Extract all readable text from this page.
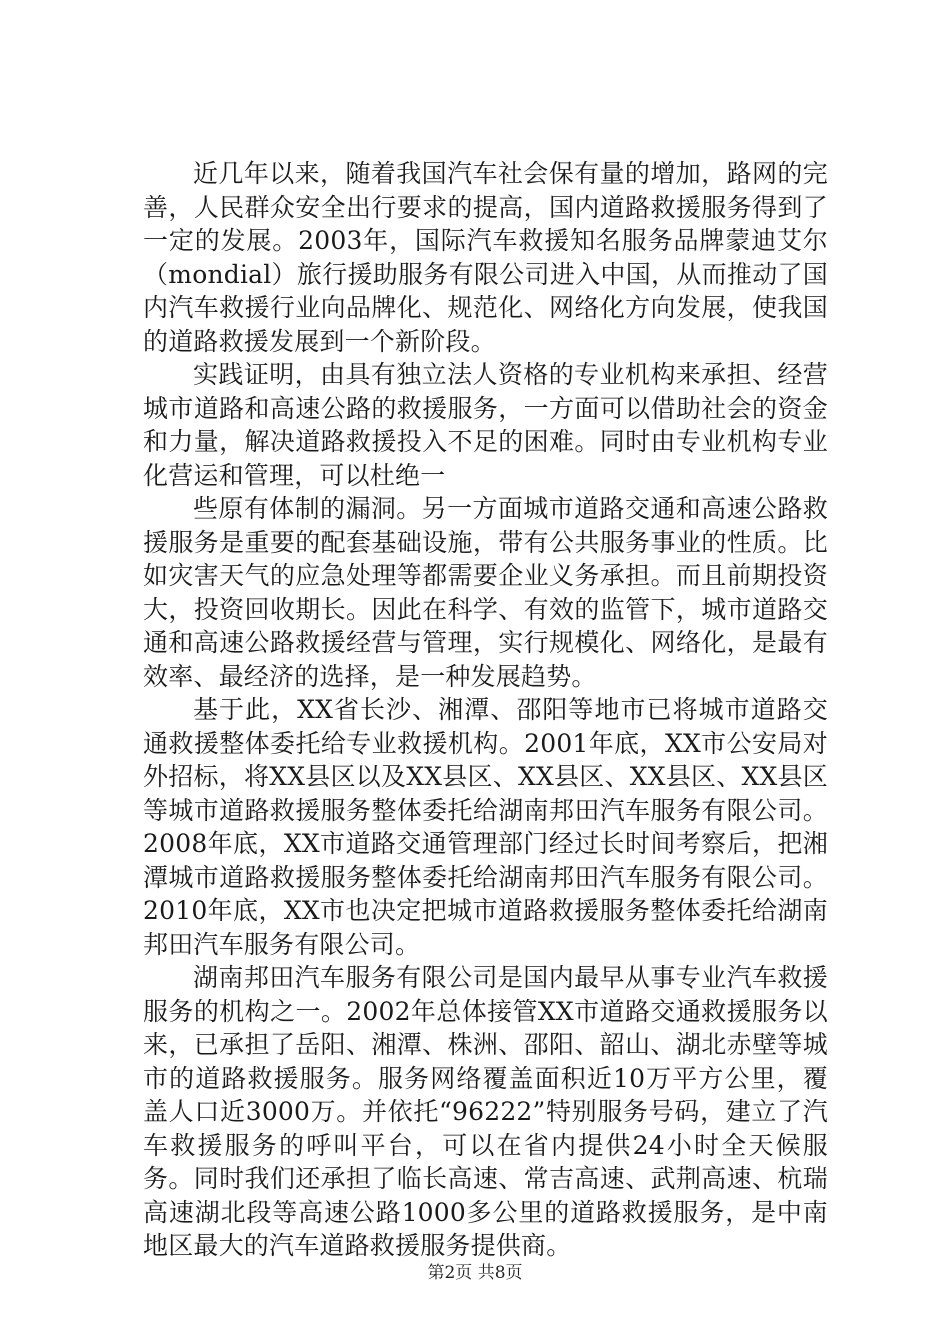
近几年以来，随着我国汽车社会保有量的增加，路网的完善，人民群众安全出行要求的提高，国内道路救援服务得到了一定的发展。2003年，国际汽车救援知名服务品牌蒙迪艾尔（mondial）旅行援助服务有限公司进入中国，从而推动了国内汽车救援行业向品牌化、规范化、网络化方向发展，使我国的道路救援发展到一个新阶段。

实践证明，由具有独立法人资格的专业机构来承担、经营城市道路和高速公路的救援服务，一方面可以借助社会的资金和力量，解决道路救援投入不足的困难。同时由专业机构专业化营运和管理，可以杜绝一

些原有体制的漏洞。另一方面城市道路交通和高速公路救援服务是重要的配套基础设施，带有公共服务事业的性质。比如灾害天气的应急处理等都需要企业义务承担。而且前期投资大，投资回收期长。因此在科学、有效的监管下，城市道路交通和高速公路救援经营与管理，实行规模化、网络化，是最有效率、最经济的选择，是一种发展趋势。

基于此，XX省长沙、湘潭、邵阳等地市已将城市道路交通救援整体委托给专业救援机构。2001年底，XX市公安局对外招标，将XX县区以及XX县区、XX县区、XX县区、XX县区等城市道路救援服务整体委托给湖南邦田汽车服务有限公司。2008年底，XX市道路交通管理部门经过长时间考察后，把湘潭城市道路救援服务整体委托给湖南邦田汽车服务有限公司。2010年底，XX市也决定把城市道路救援服务整体委托给湖南邦田汽车服务有限公司。

湖南邦田汽车服务有限公司是国内最早从事专业汽车救援服务的机构之一。2002年总体接管XX市道路交通救援服务以来，已承担了岳阳、湘潭、株洲、邵阳、韶山、湖北赤壁等城市的道路救援服务。服务网络覆盖面积近10万平方公里，覆盖人口近3000万。并依托“96222”特别服务号码，建立了汽车救援服务的呼叫平台，可以在省内提供24小时全天候服务。同时我们还承担了临长高速、常吉高速、武荆高速、杭瑞高速湖北段等高速公路1000多公里的道路救援服务，是中南地区最大的汽车道路救援服务提供商。

第2页 共8页
